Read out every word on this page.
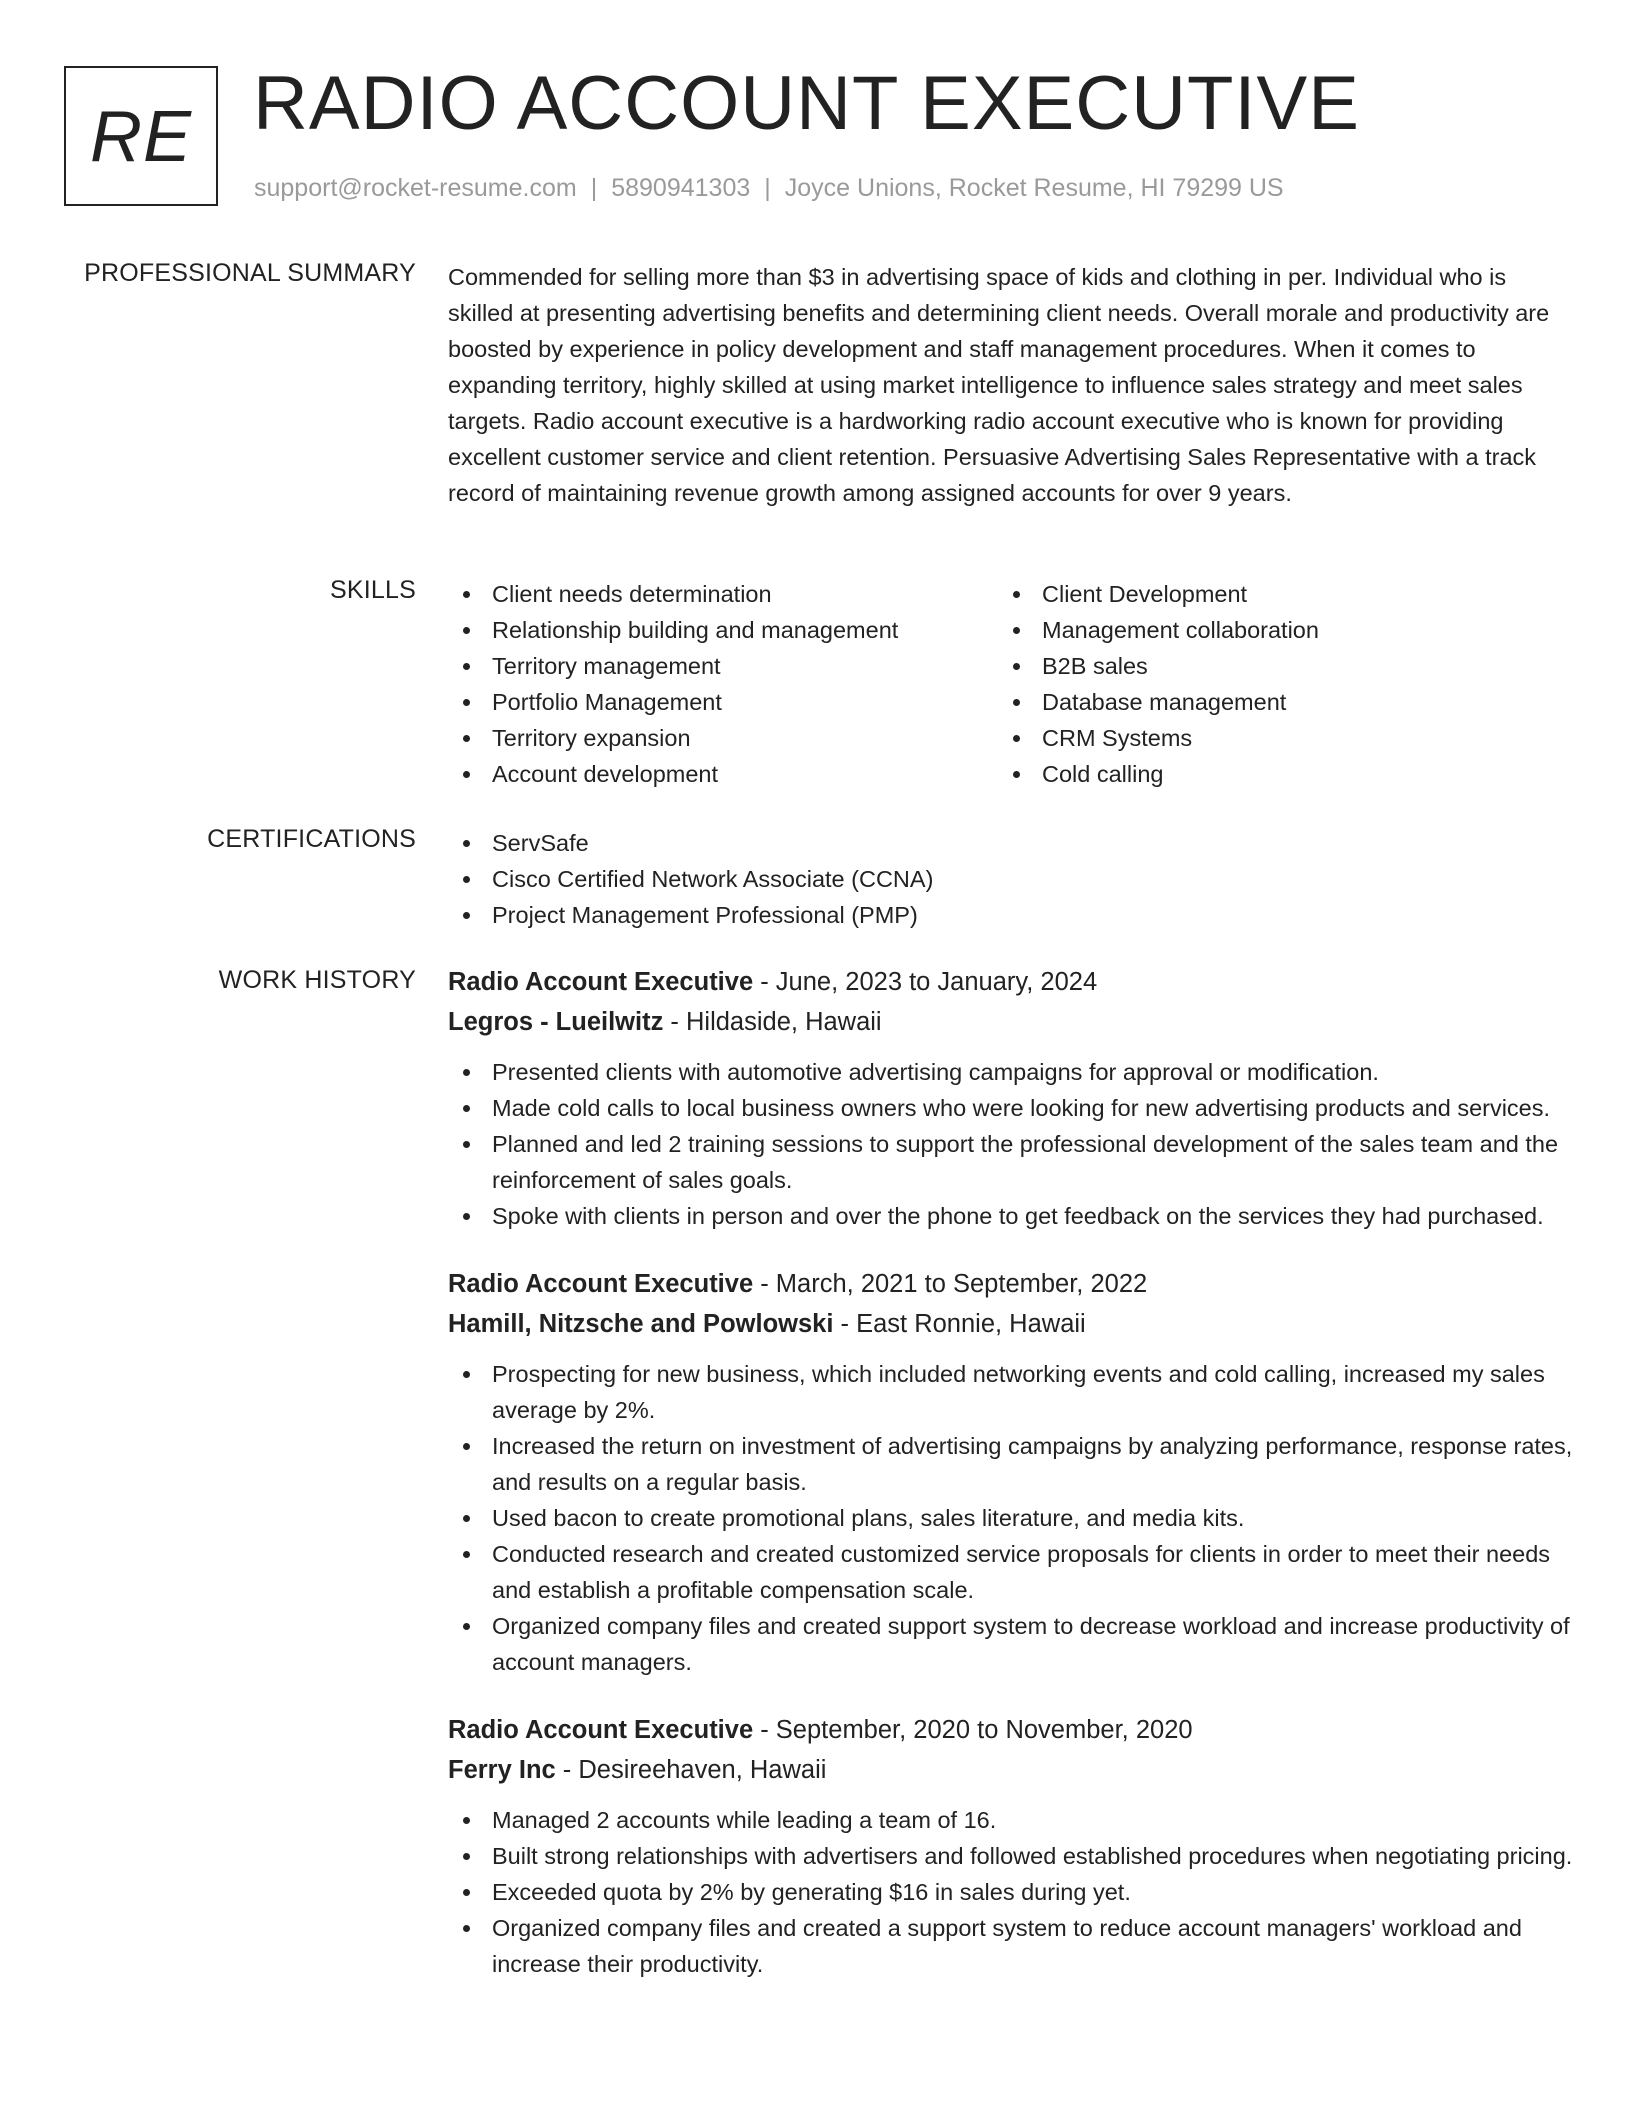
RE RADIO ACCOUNT EXECUTIVE
support@rocket-resume.com | 5890941303 | Joyce Unions, Rocket Resume, HI 79299 US
PROFESSIONAL SUMMARY Commended for selling more than $3 in advertising space of kids and clothing in per. Individual who is skilled at presenting advertising benefits and determining client needs. Overall morale and productivity are boosted by experience in policy development and staff management procedures. When it comes to expanding territory, highly skilled at using market intelligence to influence sales strategy and meet sales targets. Radio account executive is a hardworking radio account executive who is known for providing excellent customer service and client retention. Persuasive Advertising Sales Representative with a track record of maintaining revenue growth among assigned accounts for over 9 years.
SKILLS	Client needs determination
Relationship building and management
Territory management
Portfolio Management
Territory expansion
Account development
Client Development
Management collaboration
B2B sales
Database management
CRM Systems
Cold calling
CERTIFICATIONS	ServSafe
Cisco Certified Network Associate (CCNA)
Project Management Professional (PMP)
WORK HISTORY Radio Account Executive - June, 2023 to January, 2024
Legros - Lueilwitz - Hildaside, Hawaii
Presented clients with automotive advertising campaigns for approval or modification.
Made cold calls to local business owners who were looking for new advertising products and services.
Planned and led 2 training sessions to support the professional development of the sales team and the reinforcement of sales goals.
Spoke with clients in person and over the phone to get feedback on the services they had purchased.
Radio Account Executive - March, 2021 to September, 2022
Hamill, Nitzsche and Powlowski - East Ronnie, Hawaii
Prospecting for new business, which included networking events and cold calling, increased my sales average by 2%.
Increased the return on investment of advertising campaigns by analyzing performance, response rates, and results on a regular basis.
Used bacon to create promotional plans, sales literature, and media kits.
Conducted research and created customized service proposals for clients in order to meet their needs and establish a profitable compensation scale.
Organized company files and created support system to decrease workload and increase productivity of account managers.
Radio Account Executive - September, 2020 to November, 2020
Ferry Inc - Desireehaven, Hawaii
Managed 2 accounts while leading a team of 16.
Built strong relationships with advertisers and followed established procedures when negotiating pricing.
Exceeded quota by 2% by generating $16 in sales during yet.
Organized company files and created a support system to reduce account managers' workload and increase their productivity.
